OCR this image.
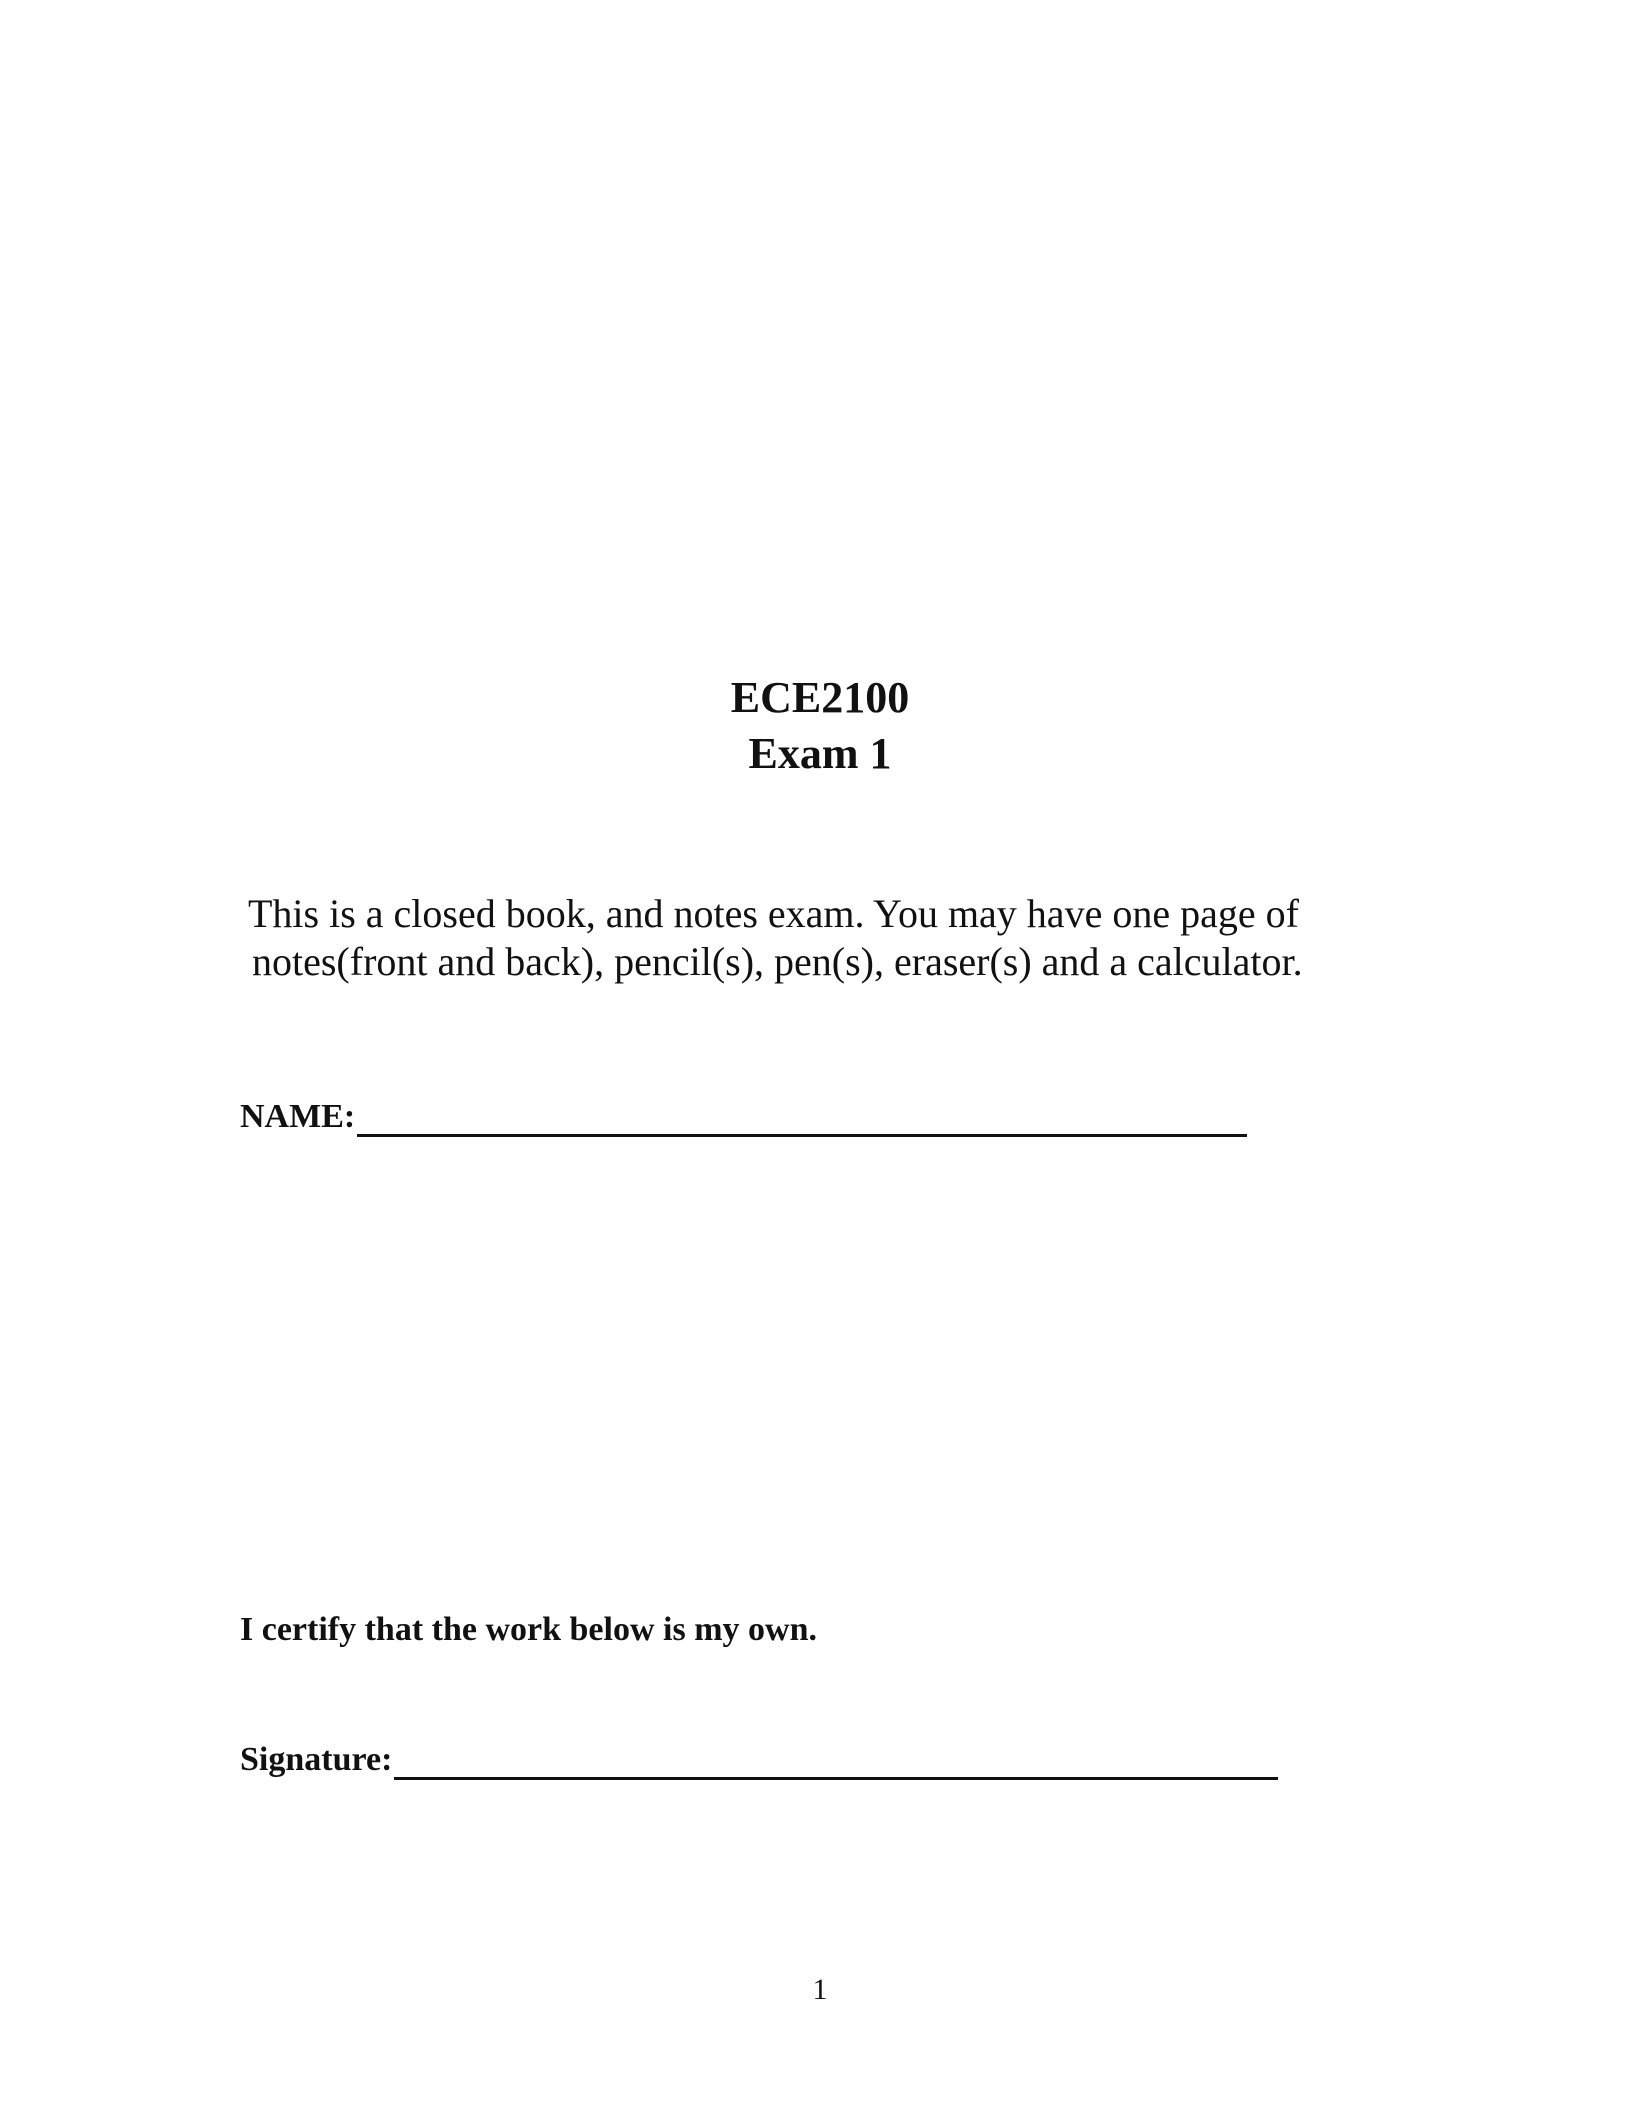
ECE2100
Exam 1
This is a closed book, and notes exam. You may have one page of
notes(front and back), pencil(s), pen(s), eraser(s) and a calculator.
NAME:
I certify that the work below is my own.
Signature:
1
